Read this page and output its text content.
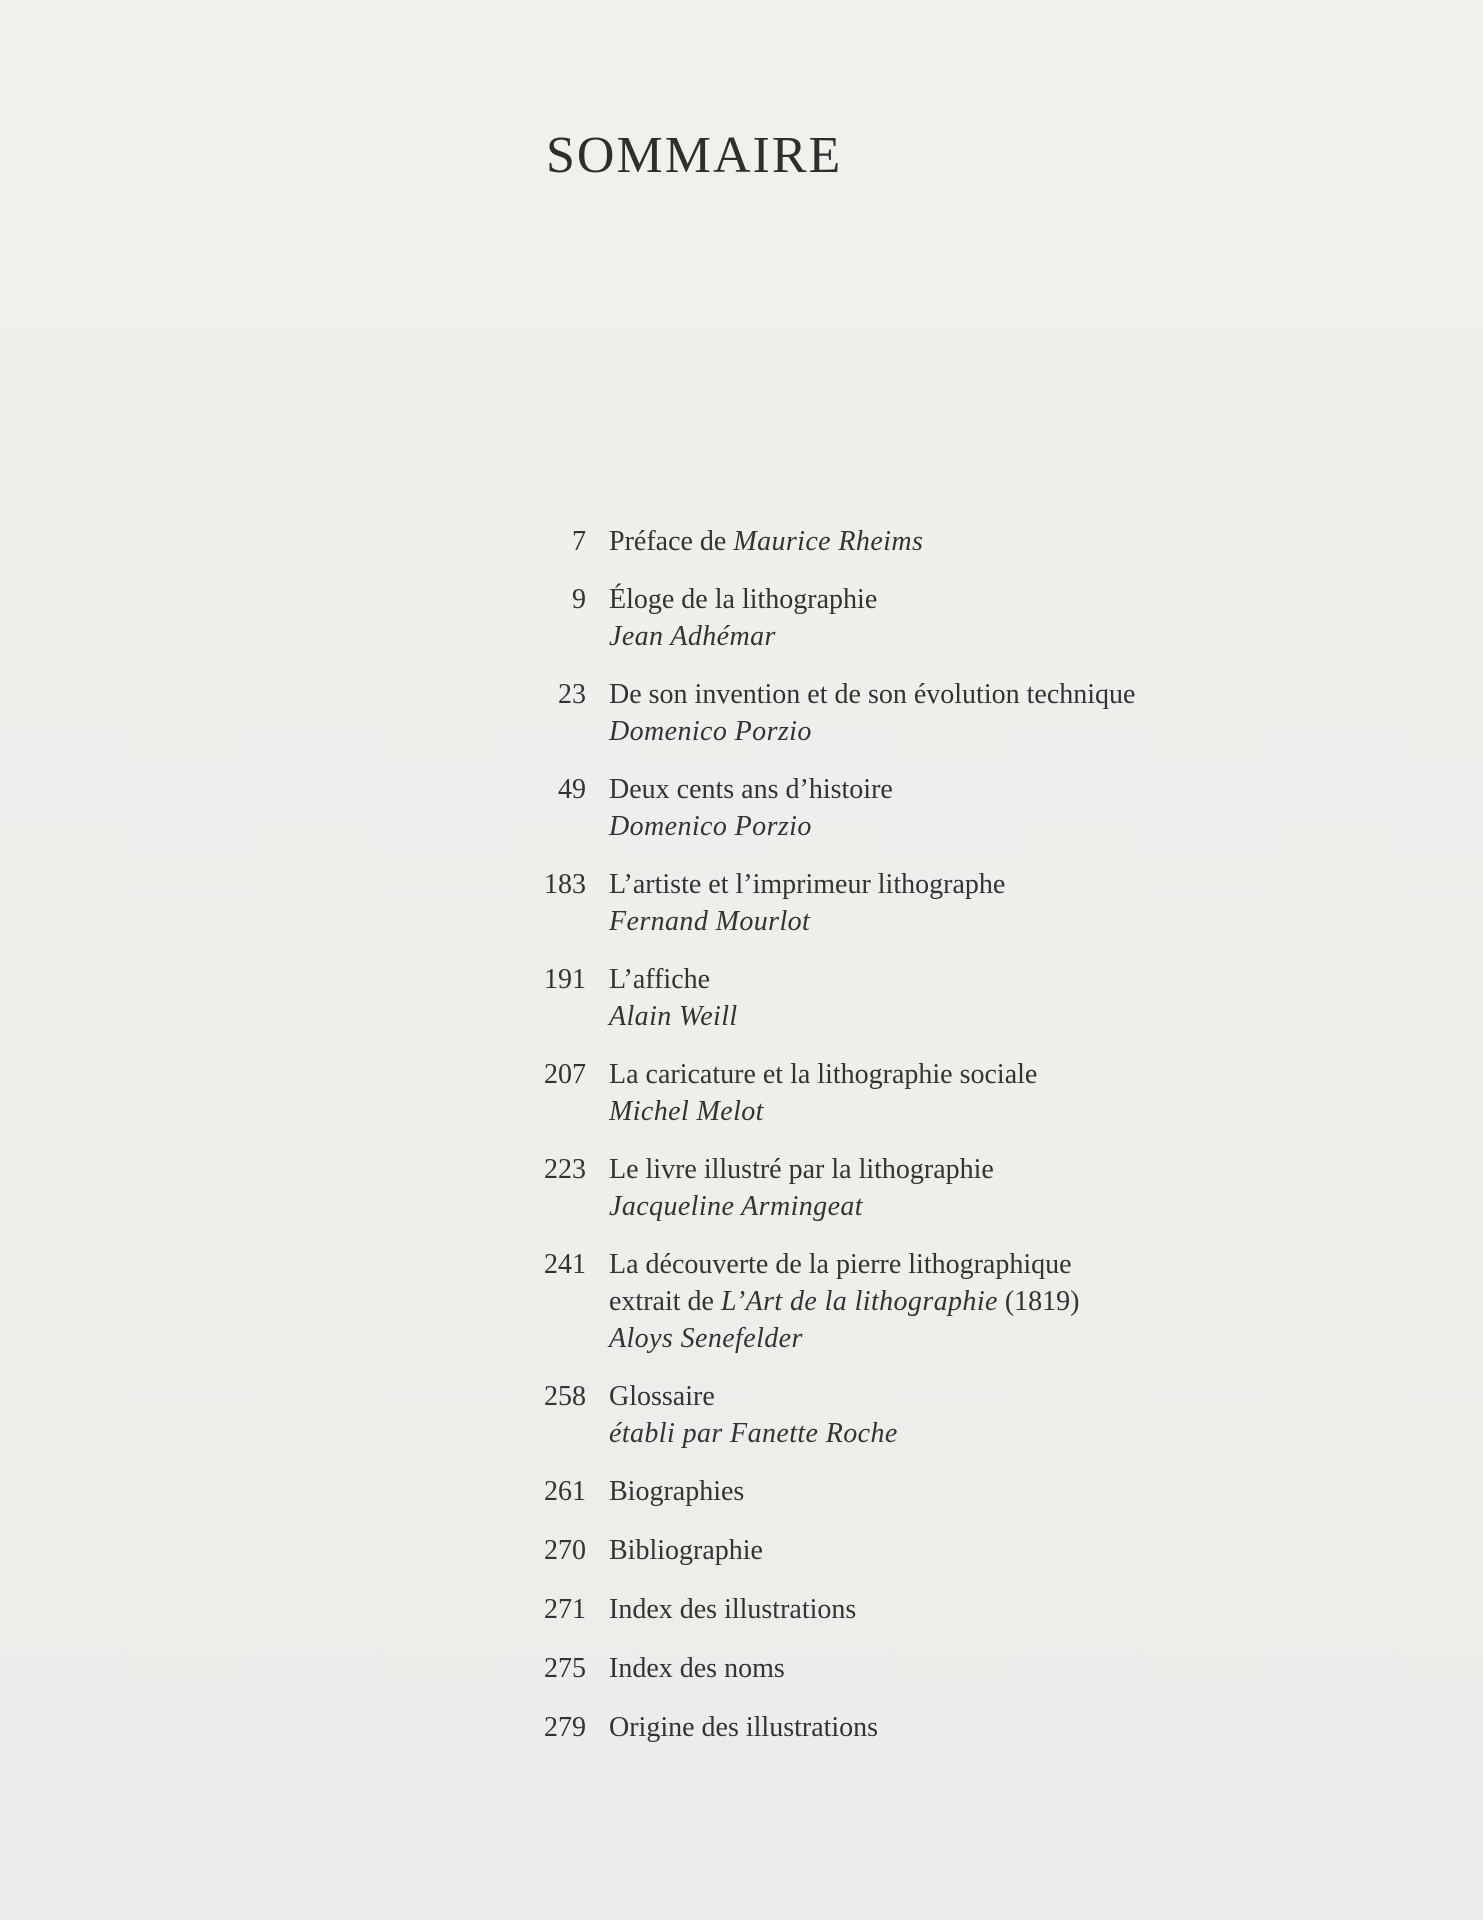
SOMMAIRE
7 Préface de Maurice Rheims
9 Éloge de la lithographie
Jean Adhémar
23 De son invention et de son évolution technique
Domenico Porzio
49 Deux cents ans d’histoire
Domenico Porzio
183 L’artiste et l’imprimeur lithographe
Fernand Mourlot
191 L’affiche
Alain Weill
207 La caricature et la lithographie sociale
Michel Melot
223 Le livre illustré par la lithographie
Jacqueline Armingeat
241 La découverte de la pierre lithographique
extrait de L’Art de la lithographie (1819)
Aloys Senefelder
258 Glossaire
établi par Fanette Roche
261 Biographies
270 Bibliographie
271 Index des illustrations
275 Index des noms
279 Origine des illustrations
